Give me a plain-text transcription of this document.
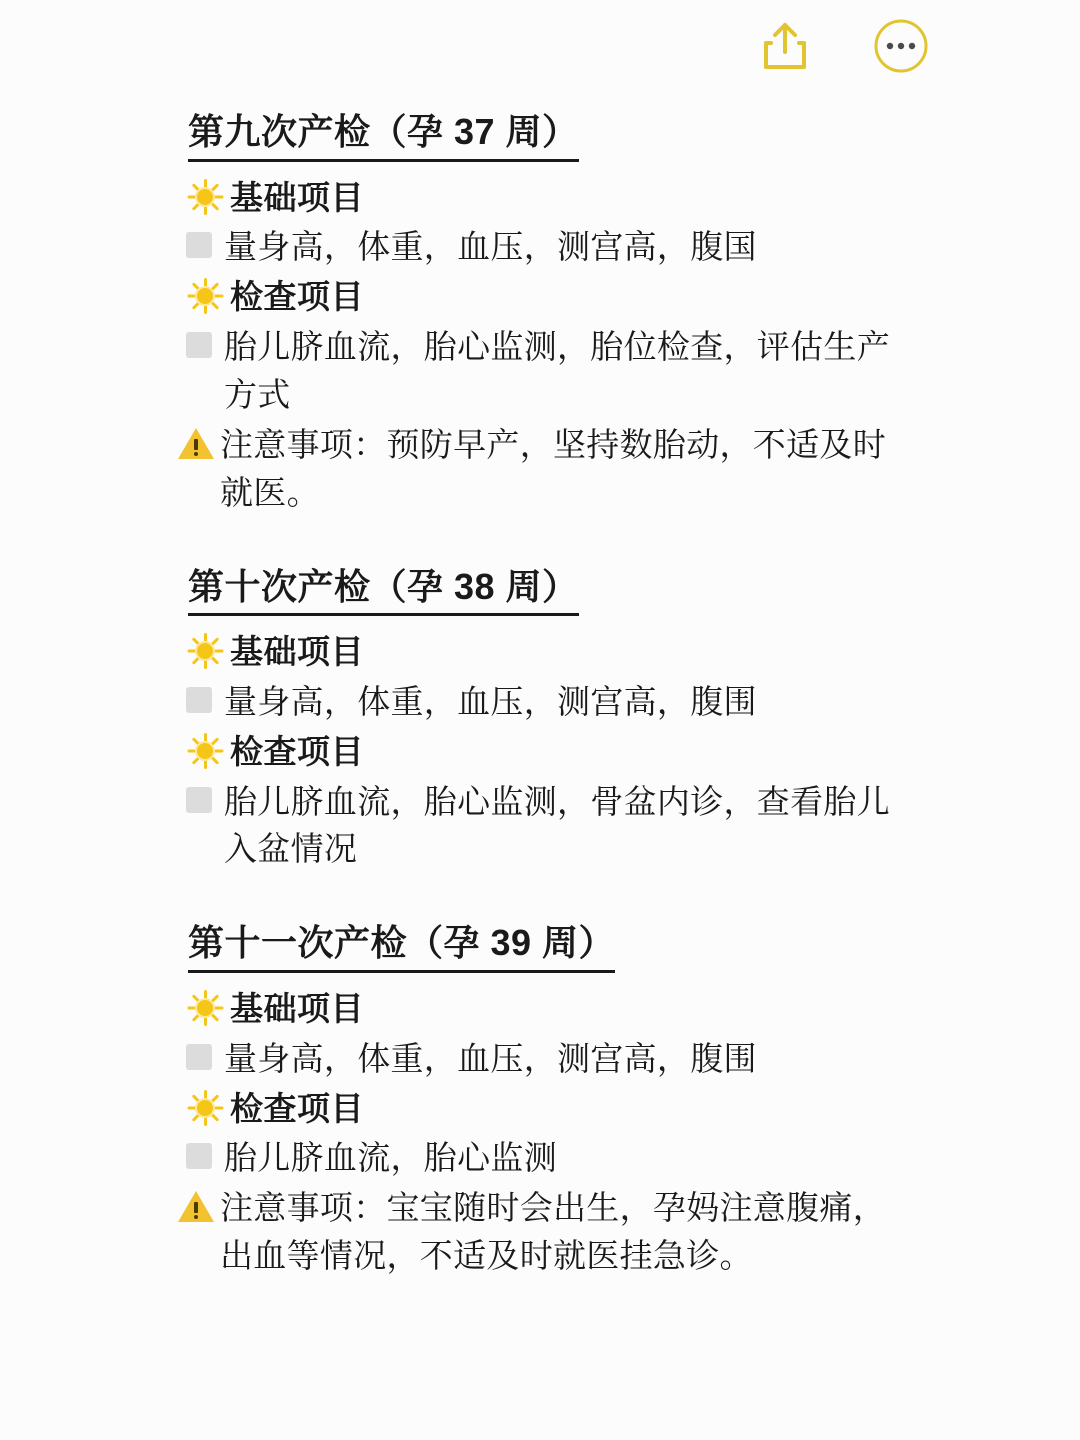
第九次产检（孕 37 周）
基础项目
量身高，体重，血压，测宫高，腹国
检查项目
胎儿脐血流，胎心监测，胎位检查，评估生产方式
注意事项：预防早产，坚持数胎动，不适及时就医。
第十次产检（孕 38 周）
基础项目
量身高，体重，血压，测宫高，腹围
检查项目
胎儿脐血流，胎心监测，骨盆内诊，查看胎儿入盆情况
第十一次产检（孕 39 周）
基础项目
量身高，体重，血压，测宫高，腹围
检查项目
胎儿脐血流，胎心监测
注意事项：宝宝随时会出生，孕妈注意腹痛，出血等情况，不适及时就医挂急诊。
